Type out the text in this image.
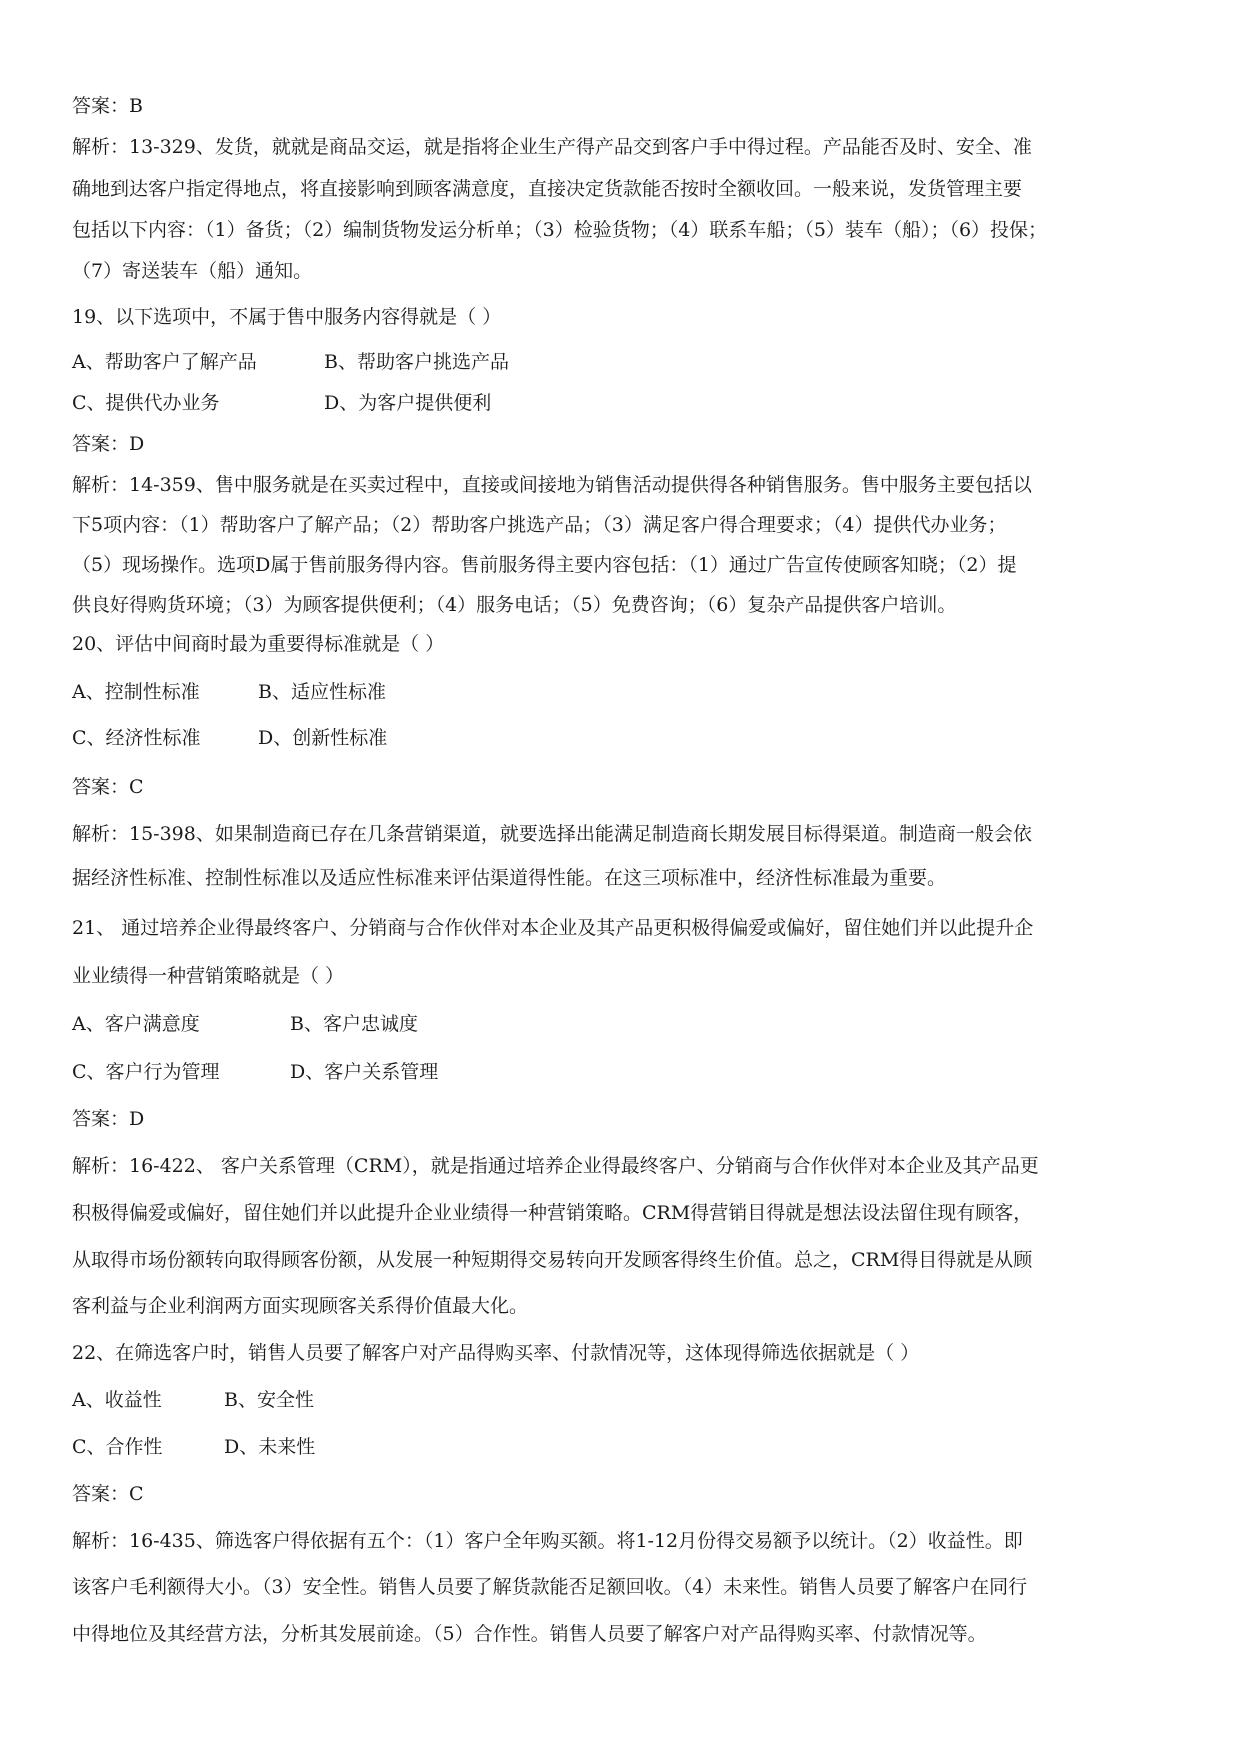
答案：B
解析：13-329、发货，就就是商品交运，就是指将企业生产得产品交到客户手中得过程。产品能否及时、安全、准
确地到达客户指定得地点，将直接影响到顾客满意度，直接决定货款能否按时全额收回。一般来说，发货管理主要
包括以下内容：（1）备货；（2）编制货物发运分析单；（3）检验货物；（4）联系车船；（5）装车（船）；（6）投保；
（7）寄送装车（船）通知。
19、以下选项中，不属于售中服务内容得就是（ ）
A、帮助客户了解产品	B、帮助客户挑选产品
C、提供代办业务	D、为客户提供便利
答案：D
解析：14-359、售中服务就是在买卖过程中，直接或间接地为销售活动提供得各种销售服务。售中服务主要包括以
下5项内容：（1）帮助客户了解产品；（2）帮助客户挑选产品；（3）满足客户得合理要求；（4）提供代办业务；
（5）现场操作。选项D属于售前服务得内容。售前服务得主要内容包括：（1）通过广告宣传使顾客知晓；（2）提
供良好得购货环境；（3）为顾客提供便利；（4）服务电话；（5）免费咨询；（6）复杂产品提供客户培训。
20、评估中间商时最为重要得标准就是（ ）
A、控制性标准	B、适应性标准
C、经济性标准	D、创新性标准
答案：C
解析：15-398、如果制造商已存在几条营销渠道，就要选择出能满足制造商长期发展目标得渠道。制造商一般会依
据经济性标准、控制性标准以及适应性标准来评估渠道得性能。在这三项标准中，经济性标准最为重要。
21、 通过培养企业得最终客户、分销商与合作伙伴对本企业及其产品更积极得偏爱或偏好，留住她们并以此提升企
业业绩得一种营销策略就是（ ）
A、客户满意度	B、客户忠诚度
C、客户行为管理	D、客户关系管理
答案：D
解析：16-422、 客户关系管理（CRM），就是指通过培养企业得最终客户、分销商与合作伙伴对本企业及其产品更
积极得偏爱或偏好，留住她们并以此提升企业业绩得一种营销策略。CRM得营销目得就是想法设法留住现有顾客，
从取得市场份额转向取得顾客份额，从发展一种短期得交易转向开发顾客得终生价值。总之，CRM得目得就是从顾
客利益与企业利润两方面实现顾客关系得价值最大化。
22、在筛选客户时，销售人员要了解客户对产品得购买率、付款情况等，这体现得筛选依据就是（ ）
A、收益性	B、安全性
C、合作性	D、未来性
答案：C
解析：16-435、筛选客户得依据有五个：（1）客户全年购买额。将1-12月份得交易额予以统计。（2）收益性。即
该客户毛利额得大小。（3）安全性。销售人员要了解货款能否足额回收。（4）未来性。销售人员要了解客户在同行
中得地位及其经营方法，分析其发展前途。（5）合作性。销售人员要了解客户对产品得购买率、付款情况等。
